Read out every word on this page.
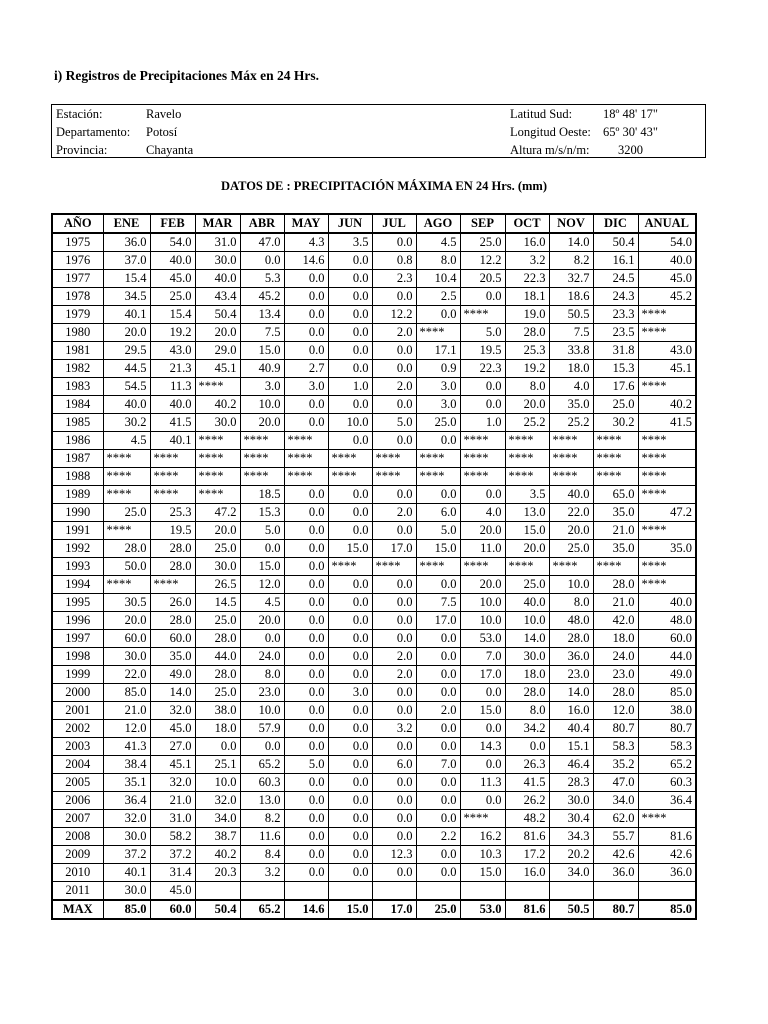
i) Registros de Precipitaciones Máx en 24 Hrs.
Estación:	Ravelo
Departamento: Potosí
Provincia:	Chayanta
Latitud Sud: 18º 48' 17"
Longitud Oeste: 65º 30' 43"
Altura m/s/n/m: 3200
DATOS DE : PRECIPITACIÓN MÁXIMA EN 24 Hrs. (mm)
AÑO	ENE	FEB	MAR	ABR	MAY	JUN	JUL	AGO	SEP	OCT	NOV	DIC	ANUAL
1975	36.0	54.0	31.0	47.0	4.3	3.5	0.0	4.5	25.0	16.0	14.0	50.4	54.0
1976	37.0	40.0	30.0	0.0	14.6	0.0	0.8	8.0	12.2	3.2	8.2	16.1	40.0
1977	15.4	45.0	40.0	5.3	0.0	0.0	2.3	10.4	20.5	22.3	32.7	24.5	45.0
1978	34.5	25.0	43.4	45.2	0.0	0.0	0.0	2.5	0.0	18.1	18.6	24.3	45.2
1979	40.1	15.4	50.4	13.4	0.0	0.0	12.2	0.0	****	19.0	50.5	23.3	****
1980	20.0	19.2	20.0	7.5	0.0	0.0	2.0	****	5.0	28.0	7.5	23.5	****
1981	29.5	43.0	29.0	15.0	0.0	0.0	0.0	17.1	19.5	25.3	33.8	31.8	43.0
1982	44.5	21.3	45.1	40.9	2.7	0.0	0.0	0.9	22.3	19.2	18.0	15.3	45.1
1983	54.5	11.3	****	3.0	3.0	1.0	2.0	3.0	0.0	8.0	4.0	17.6	****
1984	40.0	40.0	40.2	10.0	0.0	0.0	0.0	3.0	0.0	20.0	35.0	25.0	40.2
1985	30.2	41.5	30.0	20.0	0.0	10.0	5.0	25.0	1.0	25.2	25.2	30.2	41.5
1986	4.5	40.1	****	****	****	0.0	0.0	0.0	****	****	****	****	****
1987	****	****	****	****	****	****	****	****	****	****	****	****	****
1988	****	****	****	****	****	****	****	****	****	****	****	****	****
1989	****	****	****	18.5	0.0	0.0	0.0	0.0	0.0	3.5	40.0	65.0	****
1990	25.0	25.3	47.2	15.3	0.0	0.0	2.0	6.0	4.0	13.0	22.0	35.0	47.2
1991	****	19.5	20.0	5.0	0.0	0.0	0.0	5.0	20.0	15.0	20.0	21.0	****
1992	28.0	28.0	25.0	0.0	0.0	15.0	17.0	15.0	11.0	20.0	25.0	35.0	35.0
1993	50.0	28.0	30.0	15.0	0.0	****	****	****	****	****	****	****	****
1994	****	****	26.5	12.0	0.0	0.0	0.0	0.0	20.0	25.0	10.0	28.0	****
1995	30.5	26.0	14.5	4.5	0.0	0.0	0.0	7.5	10.0	40.0	8.0	21.0	40.0
1996	20.0	28.0	25.0	20.0	0.0	0.0	0.0	17.0	10.0	10.0	48.0	42.0	48.0
1997	60.0	60.0	28.0	0.0	0.0	0.0	0.0	0.0	53.0	14.0	28.0	18.0	60.0
1998	30.0	35.0	44.0	24.0	0.0	0.0	2.0	0.0	7.0	30.0	36.0	24.0	44.0
1999	22.0	49.0	28.0	8.0	0.0	0.0	2.0	0.0	17.0	18.0	23.0	23.0	49.0
2000	85.0	14.0	25.0	23.0	0.0	3.0	0.0	0.0	0.0	28.0	14.0	28.0	85.0
2001	21.0	32.0	38.0	10.0	0.0	0.0	0.0	2.0	15.0	8.0	16.0	12.0	38.0
2002	12.0	45.0	18.0	57.9	0.0	0.0	3.2	0.0	0.0	34.2	40.4	80.7	80.7
2003	41.3	27.0	0.0	0.0	0.0	0.0	0.0	0.0	14.3	0.0	15.1	58.3	58.3
2004	38.4	45.1	25.1	65.2	5.0	0.0	6.0	7.0	0.0	26.3	46.4	35.2	65.2
2005	35.1	32.0	10.0	60.3	0.0	0.0	0.0	0.0	11.3	41.5	28.3	47.0	60.3
2006	36.4	21.0	32.0	13.0	0.0	0.0	0.0	0.0	0.0	26.2	30.0	34.0	36.4
2007	32.0	31.0	34.0	8.2	0.0	0.0	0.0	0.0	****	48.2	30.4	62.0	****
2008	30.0	58.2	38.7	11.6	0.0	0.0	0.0	2.2	16.2	81.6	34.3	55.7	81.6
2009	37.2	37.2	40.2	8.4	0.0	0.0	12.3	0.0	10.3	17.2	20.2	42.6	42.6
2010	40.1	31.4	20.3	3.2	0.0	0.0	0.0	0.0	15.0	16.0	34.0	36.0	36.0
2011	30.0	45.0											
MAX	85.0	60.0	50.4	65.2	14.6	15.0	17.0	25.0	53.0	81.6	50.5	80.7	85.0
